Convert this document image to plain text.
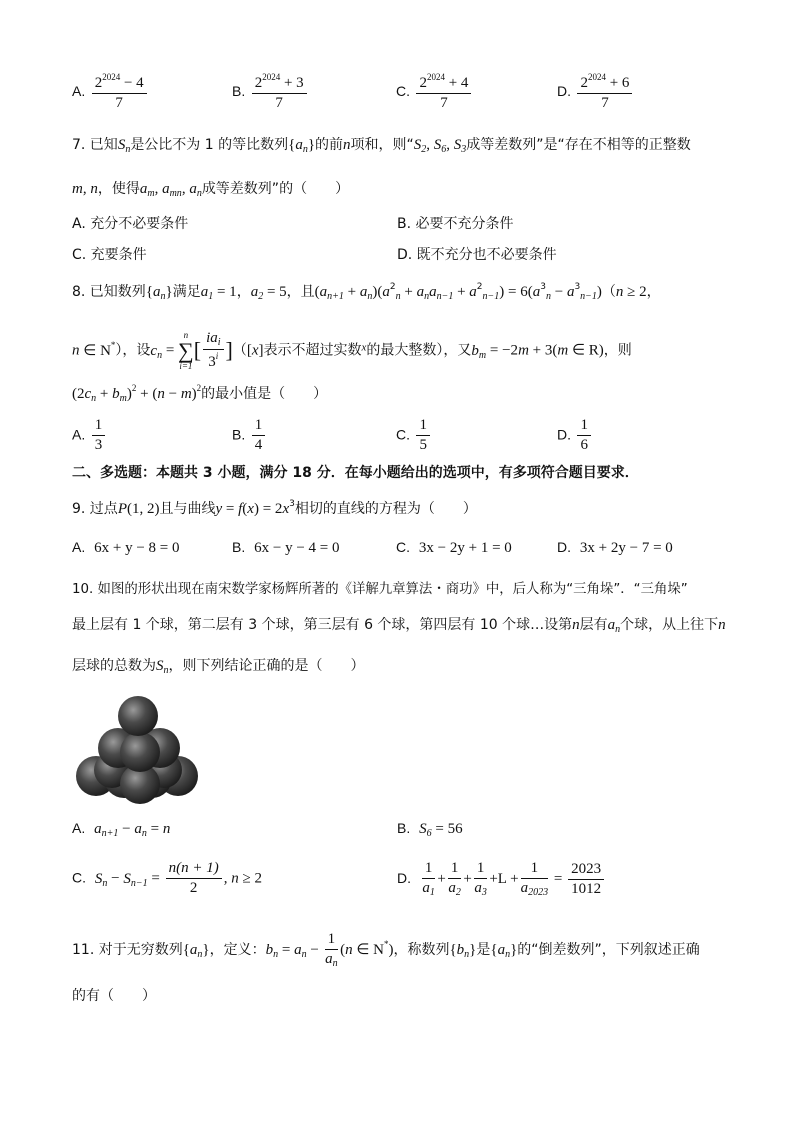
A. $\frac{2^{2024} - 4}{7}$	B. $\frac{2^{2024} + 3}{7}$	C. $\frac{2^{2024} + 4}{7}$	D. $\frac{2^{2024} + 6}{7}$
7. 已知$S_n$是公比不为 1 的等比数列$\{a_n\}$的前n项和，则“$S_2$, $S_6$, $S_3$成等差数列”是“存在不相等的正整数
m, n，使得$a_m$, $a_{mn}$, $a_n$成等差数列”的（　　）
A. 充分不必要条件	B. 必要不充分条件
C. 充要条件	D. 既不充分也不必要条件
8. 已知数列$\{a_n\}$满足$a_1 = 1$，$a_2 = 5$，且$(a_{n+1} + a_n)(a^2_n + a_na_{n-1} + a^2_{n-1}) = 6(a^3_n - a^3_{n-1})(n \ge 2$，
n ∈ N*），设$c_n$ =
n
∑
i=1
[ $\frac{ia_i}{3^i} ]([x]$表示不超过实数$^x$的最大整数），又$b_m = -2m + 3(m$ ∈ R)，则
$(2c_n + b_m)^2 + (n - m)^2$的最小值是（　　）
A. $\frac{1}{3}$	B. $\frac{1}{4}$	C. $\frac{1}{5}$	D. $\frac{1}{6}$
二、多选题：本题共 3 小题，满分 18 分．在每小题给出的选项中，有多项符合题目要求．
9. 过点P(1, 2)且与曲线$y = f(x) = 2x^3$相切的直线的方程为（　　）
A. 6x + y − 8 = 0	B. 6x − y − 4 = 0	C. 3x − 2y + 1 = 0	D. 3x + 2y − 7 = 0
10. 如图的形状出现在南宋数学家杨辉所著的《详解九章算法・商功》中，后人称为“三角垛”．“三角垛”
最上层有 1 个球，第二层有 3 个球，第三层有 6 个球，第四层有 10 个球…设第n层有$a_n$个球，从上往下n
层球的总数为$S_n$，则下列结论正确的是（　　）
A. $a_{n+1} - a_n = n$	B. $S_6 = 56$
C. $S_n - S_{n-1} = \frac{n(n + 1)}{2}$ , n ≥ 2	D. $\frac{1}{a_1} + \frac{1}{a_2} + \frac{1}{a_3} +L + \frac{1}{a_{2023}} = \frac{2023}{1012}$
11. 对于无穷数列$\{a_n\}$，定义：$b_n = a_n - \frac{1}{a_n} (n$ ∈ N*)，称数列$\{b_n\}$是$\{a_n\}$的“倒差数列”，下列叙述正确
的有（　　）
